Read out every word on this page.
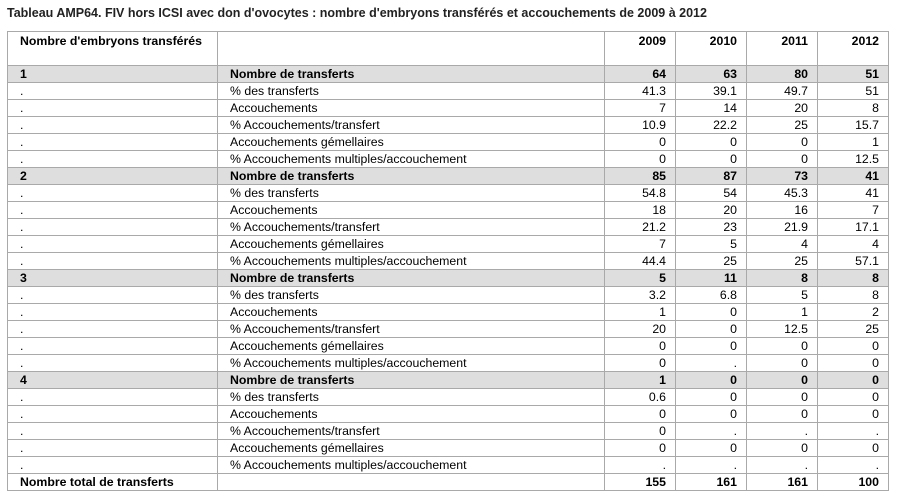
Tableau AMP64. FIV hors ICSI avec don d'ovocytes : nombre d'embryons transférés et accouchements de 2009 à 2012
Nombre d'embryons transférés		2009	2010	2011	2012
1	Nombre de transferts	64	63	80	51
.	% des transferts	41.3	39.1	49.7	51
.	Accouchements	7	14	20	8
.	% Accouchements/transfert	10.9	22.2	25	15.7
.	Accouchements gémellaires	0	0	0	1
.	% Accouchements multiples/accouchement	0	0	0	12.5
2	Nombre de transferts	85	87	73	41
.	% des transferts	54.8	54	45.3	41
.	Accouchements	18	20	16	7
.	% Accouchements/transfert	21.2	23	21.9	17.1
.	Accouchements gémellaires	7	5	4	4
.	% Accouchements multiples/accouchement	44.4	25	25	57.1
3	Nombre de transferts	5	11	8	8
.	% des transferts	3.2	6.8	5	8
.	Accouchements	1	0	1	2
.	% Accouchements/transfert	20	0	12.5	25
.	Accouchements gémellaires	0	0	0	0
.	% Accouchements multiples/accouchement	0	.	0	0
4	Nombre de transferts	1	0	0	0
.	% des transferts	0.6	0	0	0
.	Accouchements	0	0	0	0
.	% Accouchements/transfert	0	.	.	.
.	Accouchements gémellaires	0	0	0	0
.	% Accouchements multiples/accouchement	.	.	.	.
Nombre total de transferts		155	161	161	100
